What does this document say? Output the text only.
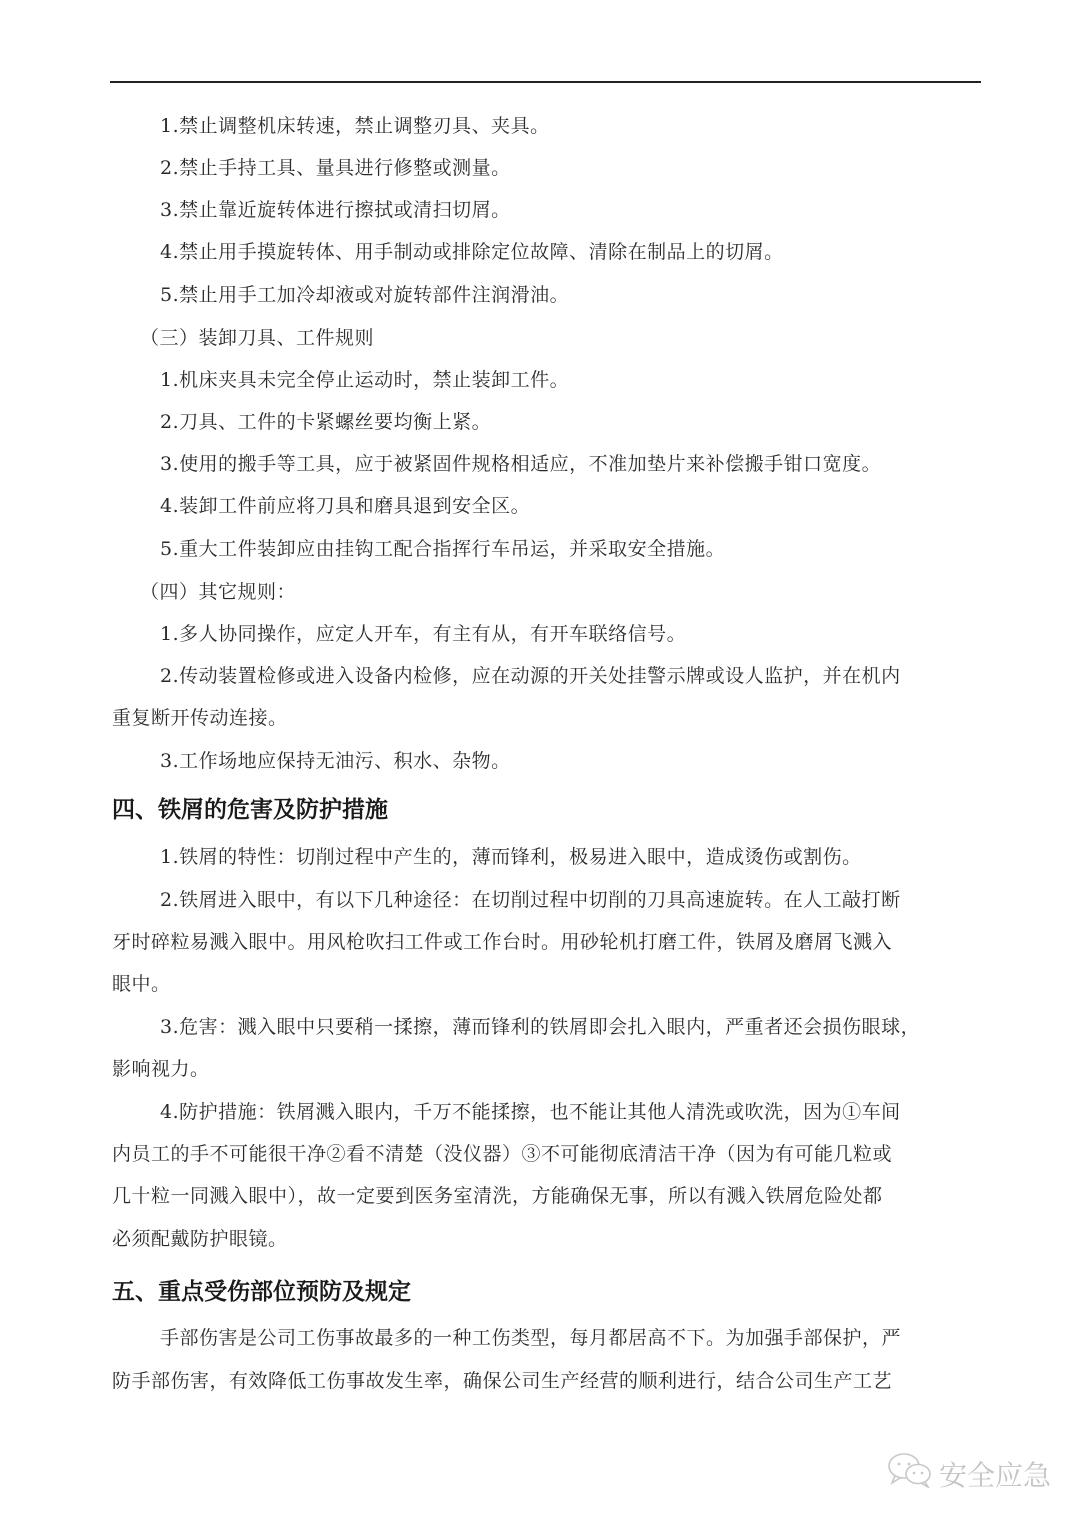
1.禁止调整机床转速，禁止调整刃具、夹具。
2.禁止手持工具、量具进行修整或测量。
3.禁止靠近旋转体进行擦拭或清扫切屑。
4.禁止用手摸旋转体、用手制动或排除定位故障、清除在制品上的切屑。
5.禁止用手工加冷却液或对旋转部件注润滑油。
（三）装卸刀具、工件规则
1.机床夹具未完全停止运动时，禁止装卸工件。
2.刀具、工件的卡紧螺丝要均衡上紧。
3.使用的搬手等工具，应于被紧固件规格相适应，不准加垫片来补偿搬手钳口宽度。
4.装卸工件前应将刀具和磨具退到安全区。
5.重大工件装卸应由挂钩工配合指挥行车吊运，并采取安全措施。
（四）其它规则：
1.多人协同操作，应定人开车，有主有从，有开车联络信号。
2.传动装置检修或进入设备内检修，应在动源的开关处挂警示牌或设人监护，并在机内
重复断开传动连接。
3.工作场地应保持无油污、积水、杂物。
四、铁屑的危害及防护措施
1.铁屑的特性：切削过程中产生的，薄而锋利，极易进入眼中，造成烫伤或割伤。
2.铁屑进入眼中，有以下几种途径：在切削过程中切削的刀具高速旋转。在人工敲打断
牙时碎粒易溅入眼中。用风枪吹扫工件或工作台时。用砂轮机打磨工件，铁屑及磨屑飞溅入
眼中。
3.危害：溅入眼中只要稍一揉擦，薄而锋利的铁屑即会扎入眼内，严重者还会损伤眼球，
影响视力。
4.防护措施：铁屑溅入眼内，千万不能揉擦，也不能让其他人清洗或吹洗，因为①车间
内员工的手不可能很干净②看不清楚（没仪器）③不可能彻底清洁干净（因为有可能几粒或
几十粒一同溅入眼中），故一定要到医务室清洗，方能确保无事，所以有溅入铁屑危险处都
必须配戴防护眼镜。
五、重点受伤部位预防及规定
手部伤害是公司工伤事故最多的一种工伤类型，每月都居高不下。为加强手部保护，严
防手部伤害，有效降低工伤事故发生率，确保公司生产经营的顺利进行，结合公司生产工艺
安全应急
